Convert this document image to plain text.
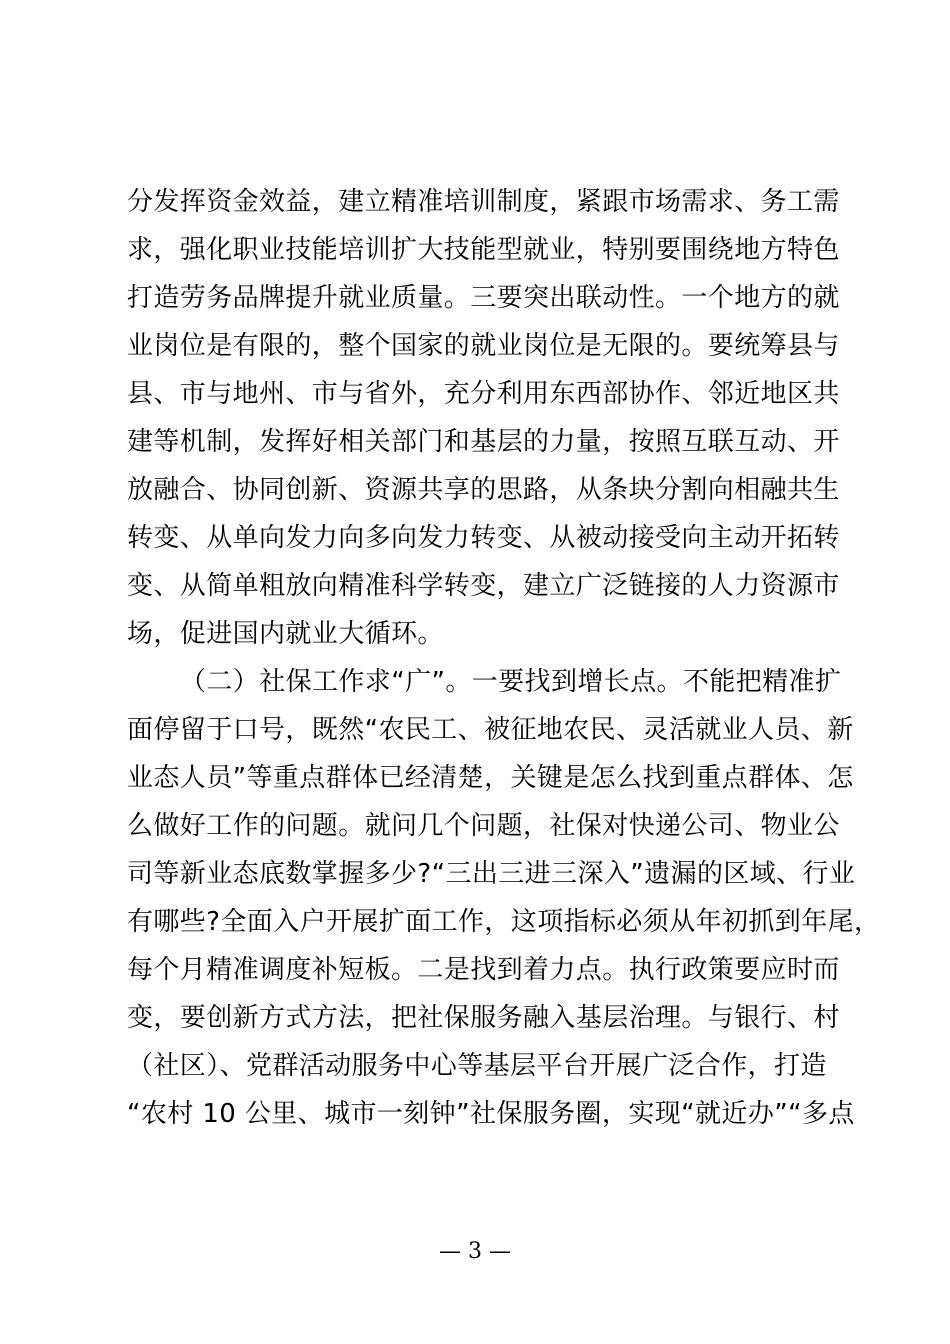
分发挥资金效益，建立精准培训制度，紧跟市场需求、务工需
求，强化职业技能培训扩大技能型就业，特别要围绕地方特色
打造劳务品牌提升就业质量。三要突出联动性。一个地方的就
业岗位是有限的，整个国家的就业岗位是无限的。要统筹县与
县、市与地州、市与省外，充分利用东西部协作、邻近地区共
建等机制，发挥好相关部门和基层的力量，按照互联互动、开
放融合、协同创新、资源共享的思路，从条块分割向相融共生
转变、从单向发力向多向发力转变、从被动接受向主动开拓转
变、从简单粗放向精准科学转变，建立广泛链接的人力资源市
场，促进国内就业大循环。
（二）社保工作求“广”。一要找到增长点。不能把精准扩
面停留于口号，既然“农民工、被征地农民、灵活就业人员、新
业态人员”等重点群体已经清楚，关键是怎么找到重点群体、怎
么做好工作的问题。就问几个问题，社保对快递公司、物业公
司等新业态底数掌握多少?“三出三进三深入”遗漏的区域、行业
有哪些?全面入户开展扩面工作，这项指标必须从年初抓到年尾，
每个月精准调度补短板。二是找到着力点。执行政策要应时而
变，要创新方式方法，把社保服务融入基层治理。与银行、村
（社区）、党群活动服务中心等基层平台开展广泛合作，打造
“农村 10 公里、城市一刻钟”社保服务圈，实现“就近办”“多点
— 3 —
